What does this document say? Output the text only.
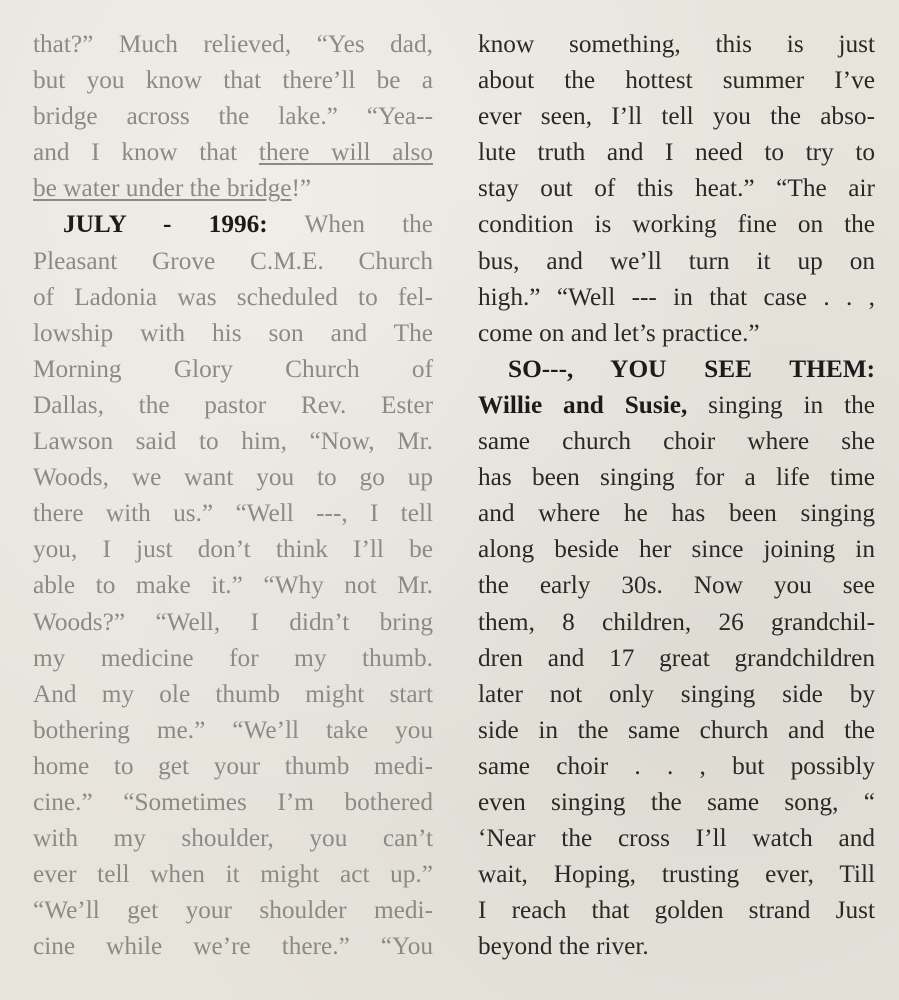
that?” Much relieved, “Yes dad,
but you know that there’ll be a
bridge across the lake.” “Yea--
and I know that there will also
be water under the bridge!”
JULY - 1996: When the
Pleasant Grove C.M.E. Church
of Ladonia was scheduled to fel-
lowship with his son and The
Morning Glory Church of
Dallas, the pastor Rev. Ester
Lawson said to him, “Now, Mr.
Woods, we want you to go up
there with us.” “Well ---, I tell
you, I just don’t think I’ll be
able to make it.” “Why not Mr.
Woods?” “Well, I didn’t bring
my medicine for my thumb.
And my ole thumb might start
bothering me.” “We’ll take you
home to get your thumb medi-
cine.” “Sometimes I’m bothered
with my shoulder, you can’t
ever tell when it might act up.”
“We’ll get your shoulder medi-
cine while we’re there.” “You
know something, this is just
about the hottest summer I’ve
ever seen, I’ll tell you the abso-
lute truth and I need to try to
stay out of this heat.” “The air
condition is working fine on the
bus, and we’ll turn it up on
high.” “Well --- in that case . . ,
come on and let’s practice.”
SO---, YOU SEE THEM:
Willie and Susie, singing in the
same church choir where she
has been singing for a life time
and where he has been singing
along beside her since joining in
the early 30s. Now you see
them, 8 children, 26 grandchil-
dren and 17 great grandchildren
later not only singing side by
side in the same church and the
same choir . . , but possibly
even singing the same song, “
‘Near the cross I’ll watch and
wait, Hoping, trusting ever, Till
I reach that golden strand Just
beyond the river.
